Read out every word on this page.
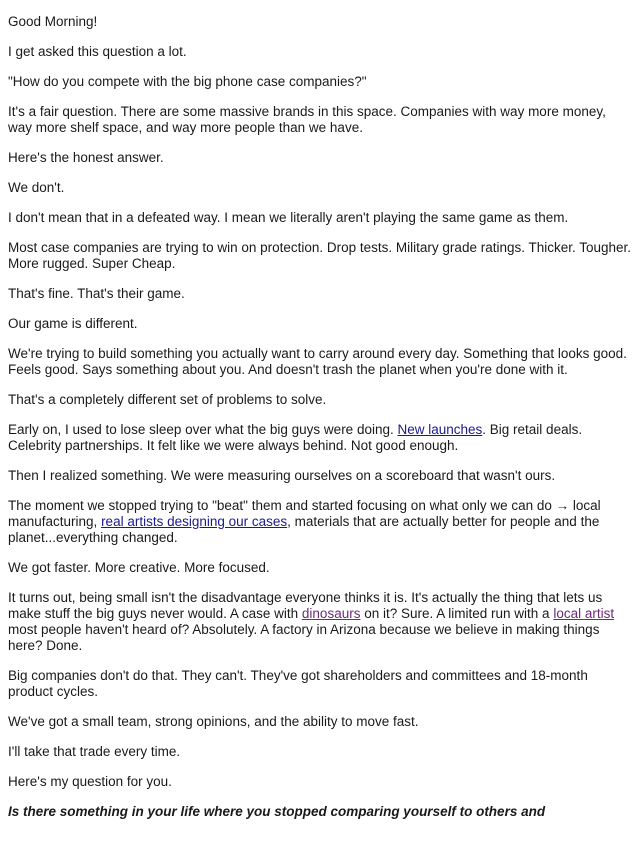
Good Morning!

I get asked this question a lot.

"How do you compete with the big phone case companies?"

It's a fair question. There are some massive brands in this space. Companies with way more money, way more shelf space, and way more people than we have.

Here's the honest answer.

We don't.

I don't mean that in a defeated way. I mean we literally aren't playing the same game as them.

Most case companies are trying to win on protection. Drop tests. Military grade ratings. Thicker. Tougher. More rugged. Super Cheap.

That's fine. That's their game.

Our game is different.

We're trying to build something you actually want to carry around every day. Something that looks good. Feels good. Says something about you. And doesn't trash the planet when you're done with it.

That's a completely different set of problems to solve.

Early on, I used to lose sleep over what the big guys were doing. New launches. Big retail deals. Celebrity partnerships. It felt like we were always behind. Not good enough.

Then I realized something. We were measuring ourselves on a scoreboard that wasn't ours.

The moment we stopped trying to "beat" them and started focusing on what only we can do → local manufacturing, real artists designing our cases, materials that are actually better for people and the planet...everything changed.

We got faster. More creative. More focused.

It turns out, being small isn't the disadvantage everyone thinks it is. It's actually the thing that lets us make stuff the big guys never would. A case with dinosaurs on it? Sure. A limited run with a local artist most people haven't heard of? Absolutely. A factory in Arizona because we believe in making things here? Done.

Big companies don't do that. They can't. They've got shareholders and committees and 18-month product cycles.

We've got a small team, strong opinions, and the ability to move fast.

I'll take that trade every time.

Here's my question for you.

Is there something in your life where you stopped comparing yourself to others and
